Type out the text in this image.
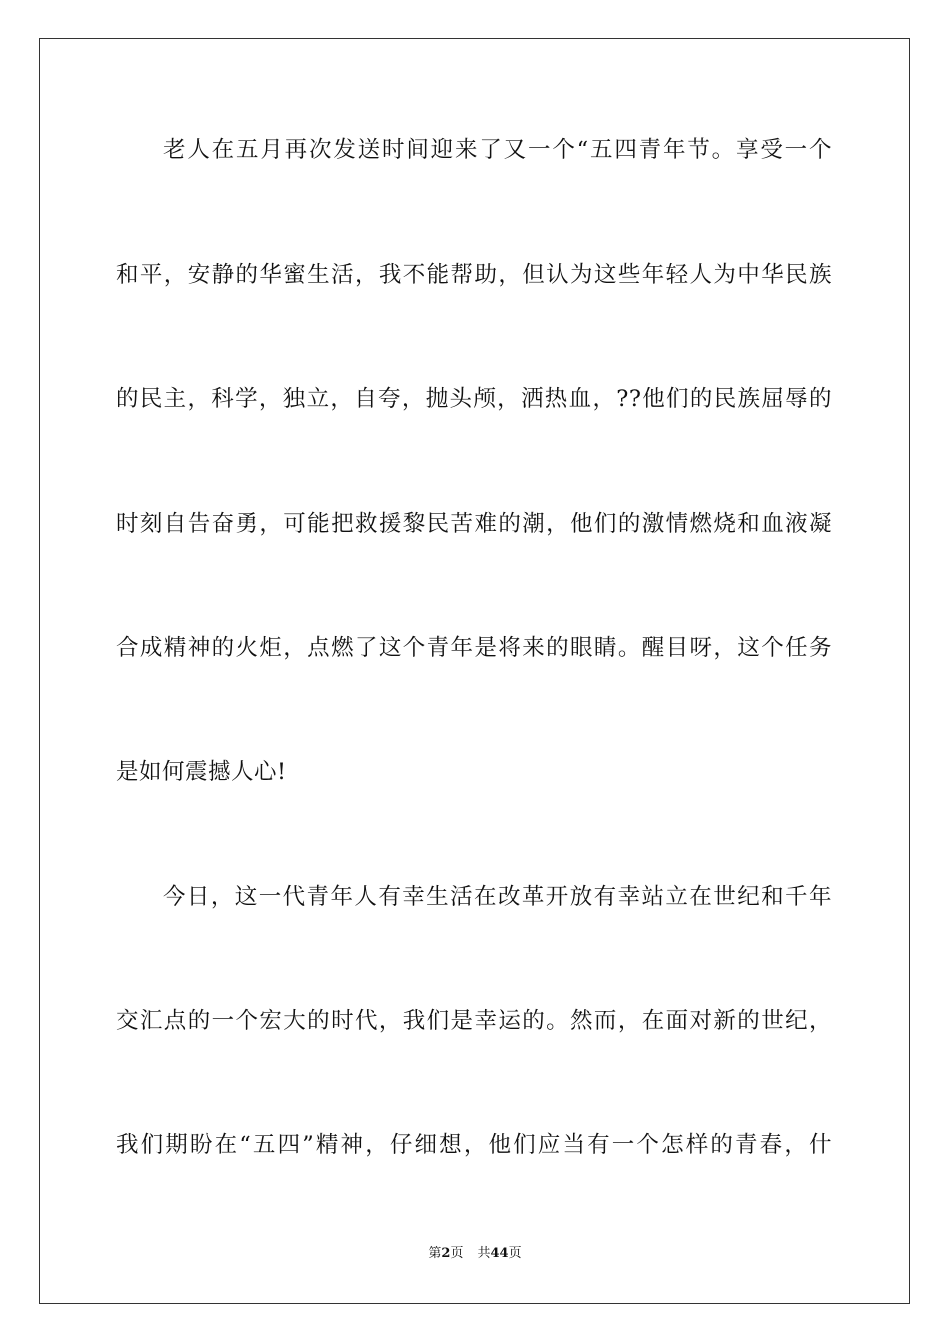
老人在五月再次发送时间迎来了又一个“五四青年节。享受一个
和平，安静的华蜜生活，我不能帮助，但认为这些年轻人为中华民族
的民主，科学，独立，自夸，抛头颅，洒热血，??他们的民族屈辱的
时刻自告奋勇，可能把救援黎民苦难的潮，他们的激情燃烧和血液凝
合成精神的火炬，点燃了这个青年是将来的眼睛。醒目呀，这个任务
是如何震撼人心!
今日，这一代青年人有幸生活在改革开放有幸站立在世纪和千年
交汇点的一个宏大的时代，我们是幸运的。然而，在面对新的世纪，
我们期盼在“五四”精神，仔细想，他们应当有一个怎样的青春，什
第2页 共44页
